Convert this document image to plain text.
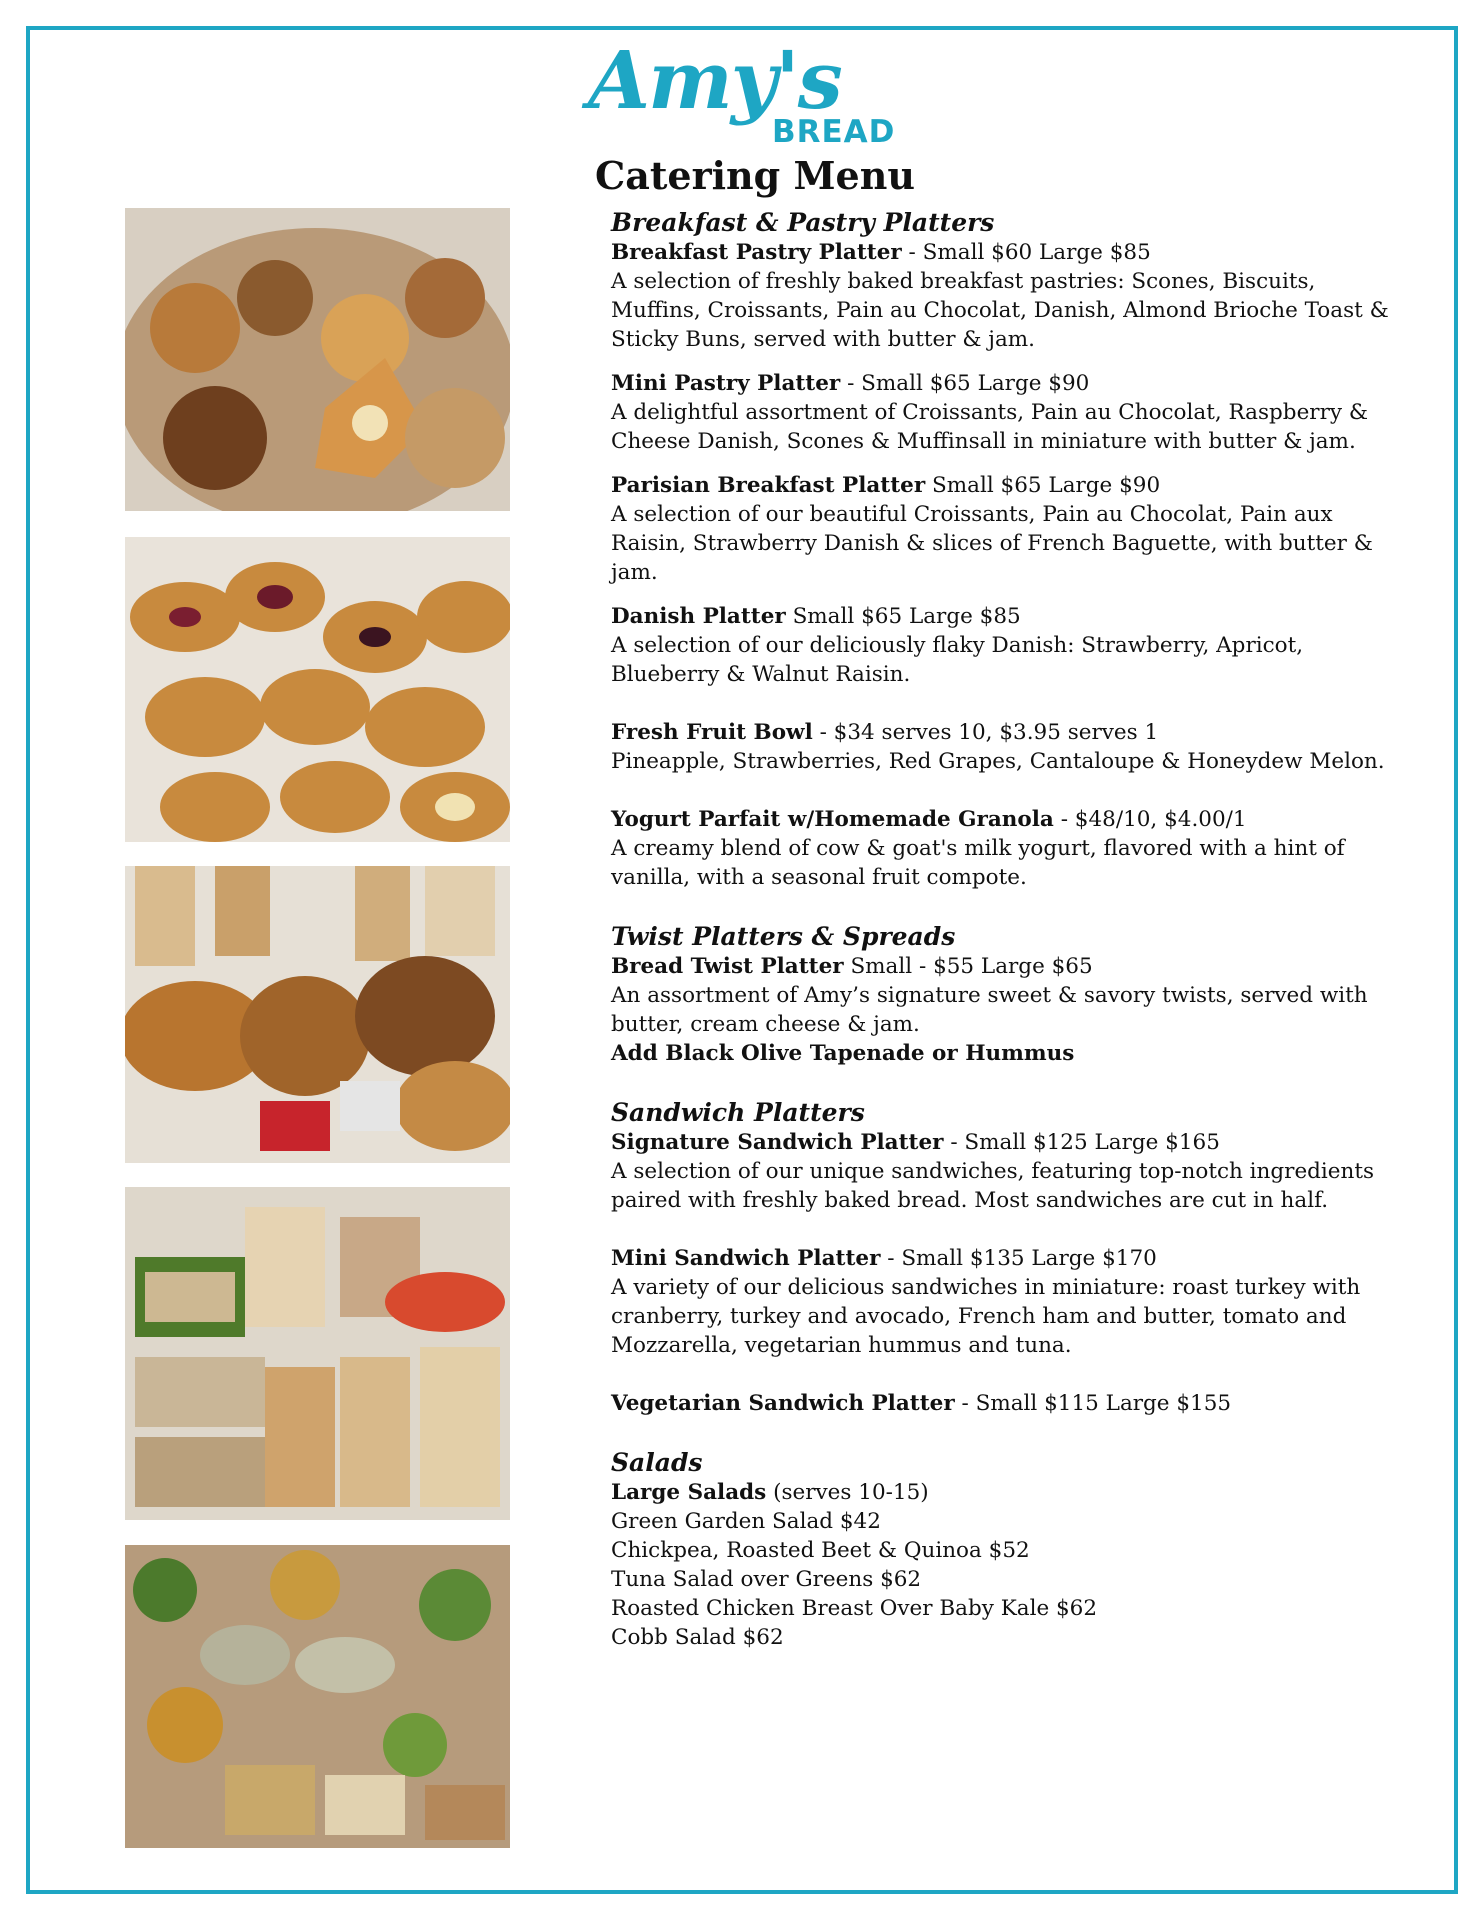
Amy's
BREAD
Catering Menu
Breakfast & Pastry Platters
Breakfast Pastry Platter - Small $60 Large $85
A selection of freshly baked breakfast pastries: Scones, Biscuits, Muffins, Croissants, Pain au Chocolat, Danish, Almond Brioche Toast & Sticky Buns, served with butter & jam.
Mini Pastry Platter - Small $65 Large $90
A delightful assortment of Croissants, Pain au Chocolat, Raspberry & Cheese Danish, Scones & Muffinsall in miniature with butter & jam.
Parisian Breakfast Platter Small $65 Large $90
A selection of our beautiful Croissants, Pain au Chocolat, Pain aux Raisin, Strawberry Danish & slices of French Baguette, with butter & jam.
Danish Platter Small $65 Large $85
A selection of our deliciously flaky Danish: Strawberry, Apricot, Blueberry & Walnut Raisin.
Fresh Fruit Bowl - $34 serves 10, $3.95 serves 1
Pineapple, Strawberries, Red Grapes, Cantaloupe & Honeydew Melon.
Yogurt Parfait w/Homemade Granola - $48/10, $4.00/1
A creamy blend of cow & goat's milk yogurt, flavored with a hint of vanilla, with a seasonal fruit compote.
Twist Platters & Spreads
Bread Twist Platter Small - $55 Large $65
An assortment of Amy’s signature sweet & savory twists, served with butter, cream cheese & jam.
Add Black Olive Tapenade or Hummus
Sandwich Platters
Signature Sandwich Platter - Small $125 Large $165
A selection of our unique sandwiches, featuring top-notch ingredients paired with freshly baked bread. Most sandwiches are cut in half.
Mini Sandwich Platter - Small $135 Large $170
A variety of our delicious sandwiches in miniature: roast turkey with cranberry, turkey and avocado, French ham and butter, tomato and Mozzarella, vegetarian hummus and tuna.
Vegetarian Sandwich Platter - Small $115 Large $155
Salads
Large Salads (serves 10-15)
Green Garden Salad $42
Chickpea, Roasted Beet & Quinoa $52
Tuna Salad over Greens $62
Roasted Chicken Breast Over Baby Kale $62
Cobb Salad $62
